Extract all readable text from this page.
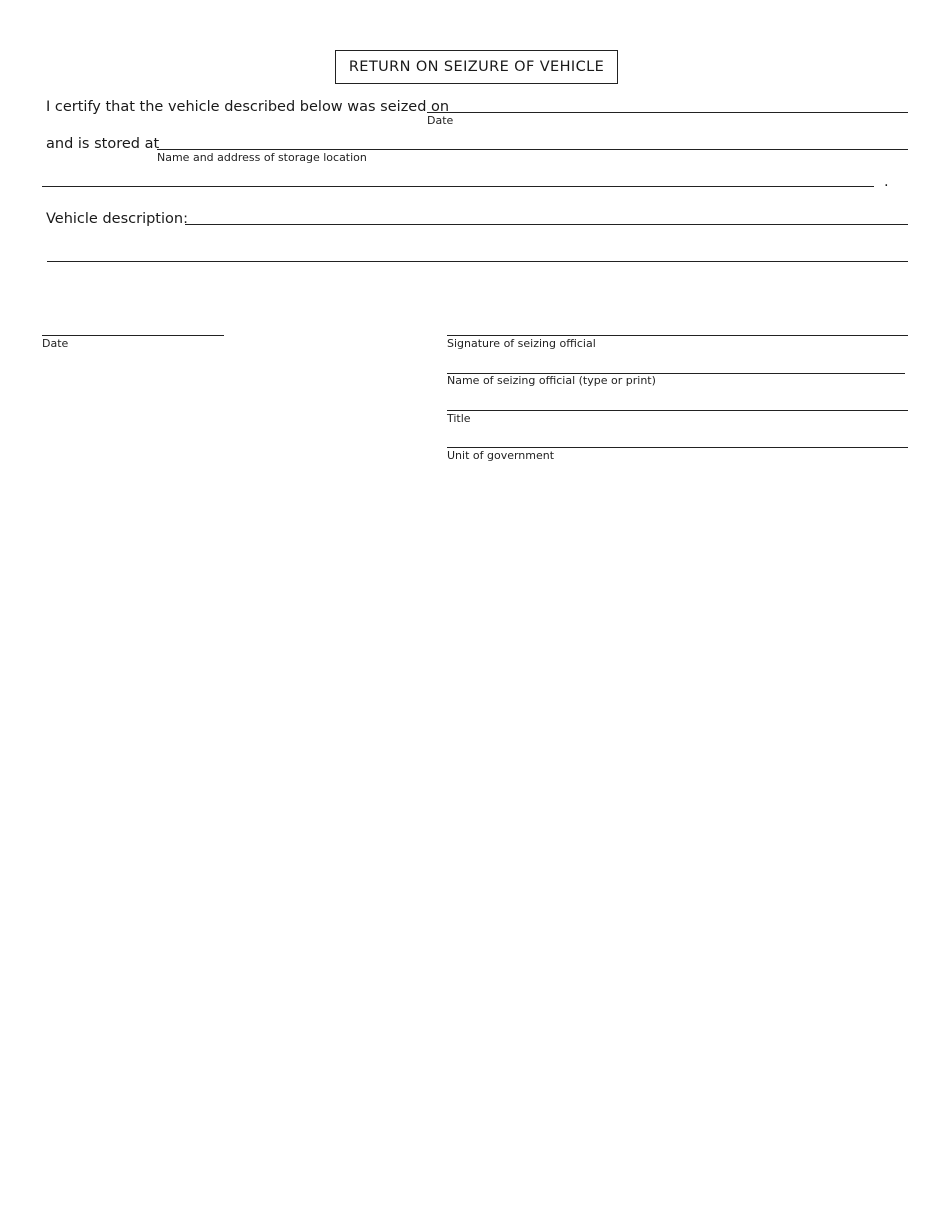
RETURN ON SEIZURE OF VEHICLE
I certify that the vehicle described below was seized on
Date
and is stored at
Name and address of storage location
.
Vehicle description:
Date	Signature of seizing official
Name of seizing official (type or print)
Title
Unit of government
